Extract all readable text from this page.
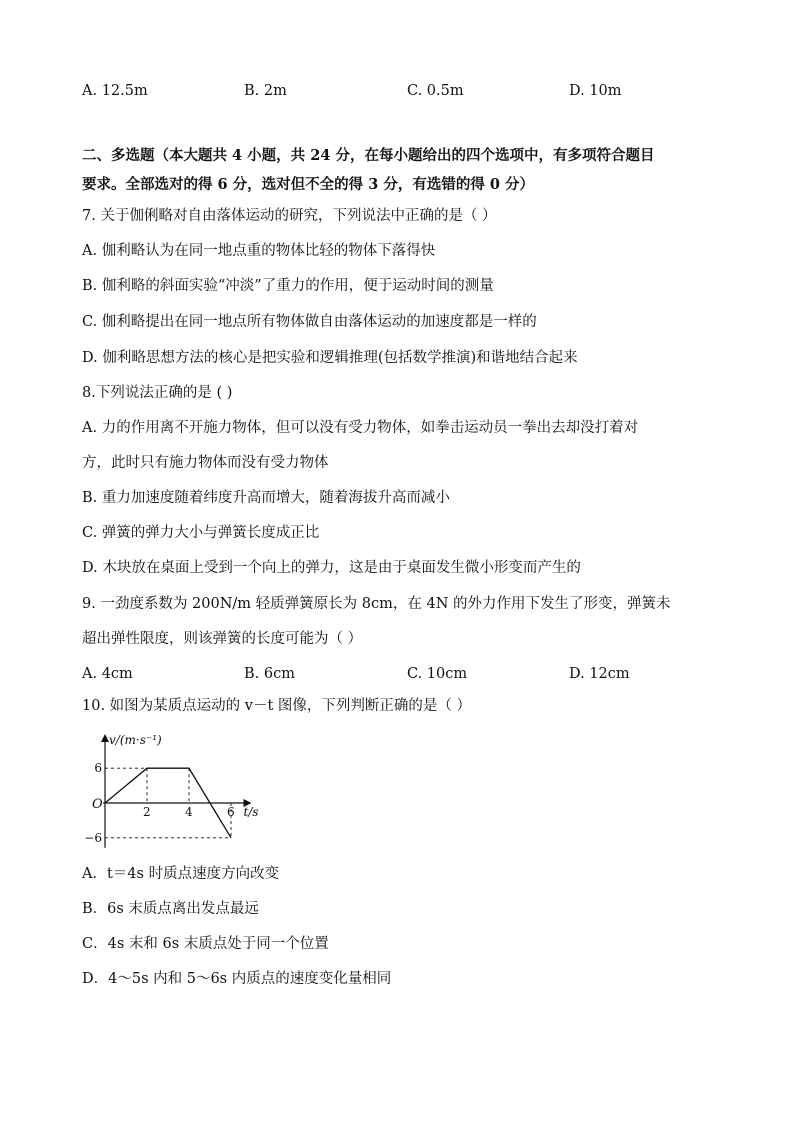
A. 12.5m	B. 2m	C. 0.5m	D. 10m
二、多选题（本大题共 4 小题，共 24 分，在每小题给出的四个选项中，有多项符合题目
要求。全部选对的得 6 分，选对但不全的得 3 分，有选错的得 0 分）
7. 关于伽俐略对自由落体运动的研究，下列说法中正确的是（ ）
A. 伽利略认为在同一地点重的物体比轻的物体下落得快
B. 伽利略的斜面实验“冲淡”了重力的作用，便于运动时间的测量
C. 伽利略提出在同一地点所有物体做自由落体运动的加速度都是一样的
D. 伽利略思想方法的核心是把实验和逻辑推理(包括数学推演)和谐地结合起来
8.下列说法正确的是 ( )
A. 力的作用离不开施力物体，但可以没有受力物体，如拳击运动员一拳出去却没打着对
方，此时只有施力物体而没有受力物体
B. 重力加速度随着纬度升高而增大，随着海拔升高而减小
C. 弹簧的弹力大小与弹簧长度成正比
D. 木块放在桌面上受到一个向上的弹力，这是由于桌面发生微小形变而产生的
9. 一劲度系数为 200N/m 轻质弹簧原长为 8cm，在 4N 的外力作用下发生了形变，弹簧未
超出弹性限度，则该弹簧的长度可能为（ ）
A. 4cm	B. 6cm	C. 10cm	D. 12cm
10. 如图为某质点运动的 v－t 图像，下列判断正确的是（ ）
v/(m·s⁻¹)
t/s
O	2	4	6
6
−6
A．t＝4s 时质点速度方向改变
B．6s 末质点离出发点最远
C．4s 末和 6s 末质点处于同一个位置
D．4～5s 内和 5～6s 内质点的速度变化量相同
